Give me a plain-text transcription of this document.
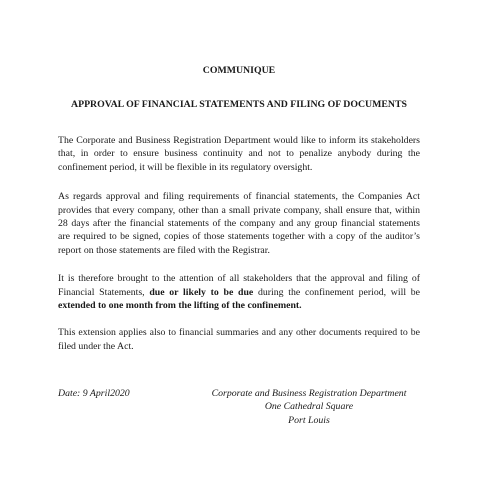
COMMUNIQUE

APPROVAL OF FINANCIAL STATEMENTS AND FILING OF DOCUMENTS

The Corporate and Business Registration Department would like to inform its stakeholders that, in order to ensure business continuity and not to penalize anybody during the confinement period, it will be flexible in its regulatory oversight.

As regards approval and filing requirements of financial statements, the Companies Act provides that every company, other than a small private company, shall ensure that, within 28 days after the financial statements of the company and any group financial statements are required to be signed, copies of those statements together with a copy of the auditor’s report on those statements are filed with the Registrar.

It is therefore brought to the attention of all stakeholders that the approval and filing of Financial Statements, due or likely to be due during the confinement period, will be extended to one month from the lifting of the confinement.

This extension applies also to financial summaries and any other documents required to be filed under the Act.

Date: 9 April2020	Corporate and Business Registration Department
One Cathedral Square
Port Louis
